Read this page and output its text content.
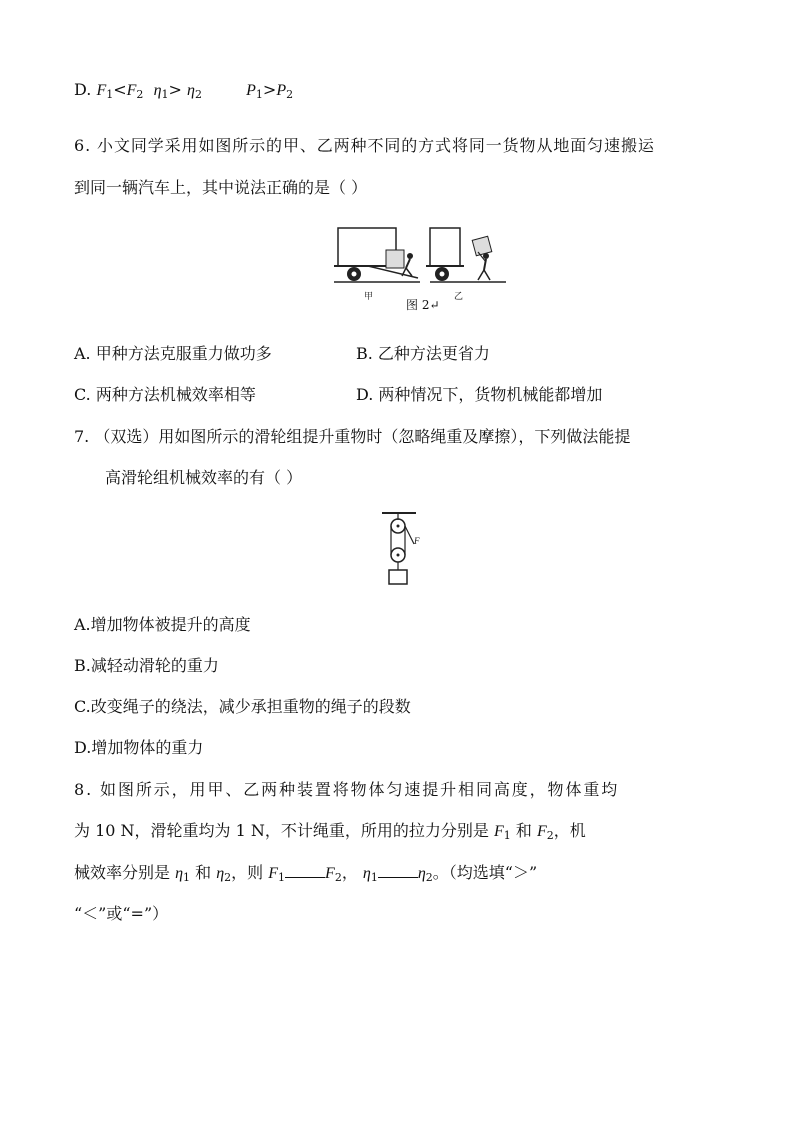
D. $F_1<F_2$ $\eta_1> \eta_2$	$P_1>P_2$
6. 小文同学采用如图所示的甲、乙两种不同的方式将同一货物从地面匀速搬运
到同一辆汽车上，其中说法正确的是（ ）
甲	乙
图 2↵
A. 甲种方法克服重力做功多	B. 乙种方法更省力
C. 两种方法机械效率相等	D. 两种情况下，货物机械能都增加
7. （双选）用如图所示的滑轮组提升重物时（忽略绳重及摩擦），下列做法能提
高滑轮组机械效率的有（ ）
F
A.增加物体被提升的高度
B.减轻动滑轮的重力
C.改变绳子的绕法，减少承担重物的绳子的段数
D.增加物体的重力
8. 如图所示，用甲、乙两种装置将物体匀速提升相同高度，物体重均
为 10 N，滑轮重均为 1 N，不计绳重，所用的拉力分别是 $F_1$ 和 $F_2$，机
械效率分别是 $\eta_1$ 和 $\eta_2$，则 $F_1$	$F_2$， $\eta_1$	$\eta_2$。（均选填“＞”
“＜”或“=”）
